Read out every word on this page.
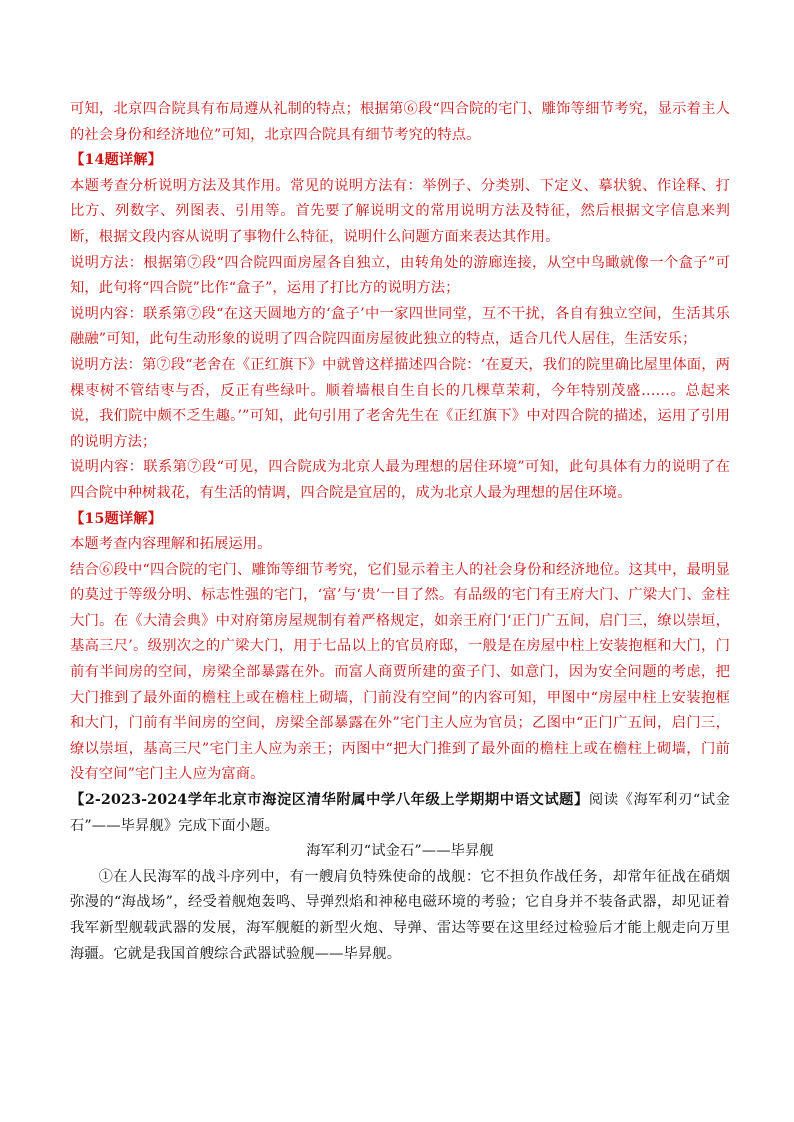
可知，北京四合院具有布局遵从礼制的特点；根据第⑥段“四合院的宅门、雕饰等细节考究，显示着主人的社会身份和经济地位”可知，北京四合院具有细节考究的特点。

【14题详解】

本题考查分析说明方法及其作用。常见的说明方法有：举例子、分类别、下定义、摹状貌、作诠释、打比方、列数字、列图表、引用等。首先要了解说明文的常用说明方法及特征，然后根据文字信息来判断，根据文段内容从说明了事物什么特征，说明什么问题方面来表达其作用。

说明方法：根据第⑦段“四合院四面房屋各自独立，由转角处的游廊连接，从空中鸟瞰就像一个盒子”可知，此句将“四合院”比作“盒子”，运用了打比方的说明方法；

说明内容：联系第⑦段“在这天圆地方的‘盒子’中一家四世同堂，互不干扰，各自有独立空间，生活其乐融融”可知，此句生动形象的说明了四合院四面房屋彼此独立的特点，适合几代人居住，生活安乐；

说明方法：第⑦段“老舍在《正红旗下》中就曾这样描述四合院：‘在夏天，我们的院里确比屋里体面，两棵枣树不管结枣与否，反正有些绿叶。顺着墙根自生自长的几棵草茉莉，今年特别茂盛……。总起来说，我们院中颇不乏生趣。’”可知，此句引用了老舍先生在《正红旗下》中对四合院的描述，运用了引用的说明方法；

说明内容：联系第⑦段“可见，四合院成为北京人最为理想的居住环境”可知，此句具体有力的说明了在四合院中种树栽花，有生活的情调，四合院是宜居的，成为北京人最为理想的居住环境。

【15题详解】

本题考查内容理解和拓展运用。

结合⑥段中“四合院的宅门、雕饰等细节考究，它们显示着主人的社会身份和经济地位。这其中，最明显的莫过于等级分明、标志性强的宅门，‘富’与‘贵’一目了然。有品级的宅门有王府大门、广梁大门、金柱大门。在《大清会典》中对府第房屋规制有着严格规定，如亲王府门‘正门广五间，启门三，缭以崇垣，基高三尺’。级别次之的广梁大门，用于七品以上的官员府邸，一般是在房屋中柱上安装抱框和大门，门前有半间房的空间，房梁全部暴露在外。而富人商贾所建的蛮子门、如意门，因为安全问题的考虑，把大门推到了最外面的檐柱上或在檐柱上砌墙，门前没有空间”的内容可知，甲图中“房屋中柱上安装抱框和大门，门前有半间房的空间，房梁全部暴露在外”宅门主人应为官员；乙图中“正门广五间，启门三，缭以崇垣，基高三尺”宅门主人应为亲王；丙图中“把大门推到了最外面的檐柱上或在檐柱上砌墙，门前没有空间”宅门主人应为富商。

【2-2023-2024学年北京市海淀区清华附属中学八年级上学期期中语文试题】阅读《海军利刃“试金石”——毕昇舰》完成下面小题。

海军利刃“试金石”——毕昇舰

①在人民海军的战斗序列中，有一艘肩负特殊使命的战舰：它不担负作战任务，却常年征战在硝烟弥漫的“海战场”，经受着舰炮轰鸣、导弹烈焰和神秘电磁环境的考验；它自身并不装备武器，却见证着我军新型舰载武器的发展，海军舰艇的新型火炮、导弹、雷达等要在这里经过检验后才能上舰走向万里海疆。它就是我国首艘综合武器试验舰——毕昇舰。
